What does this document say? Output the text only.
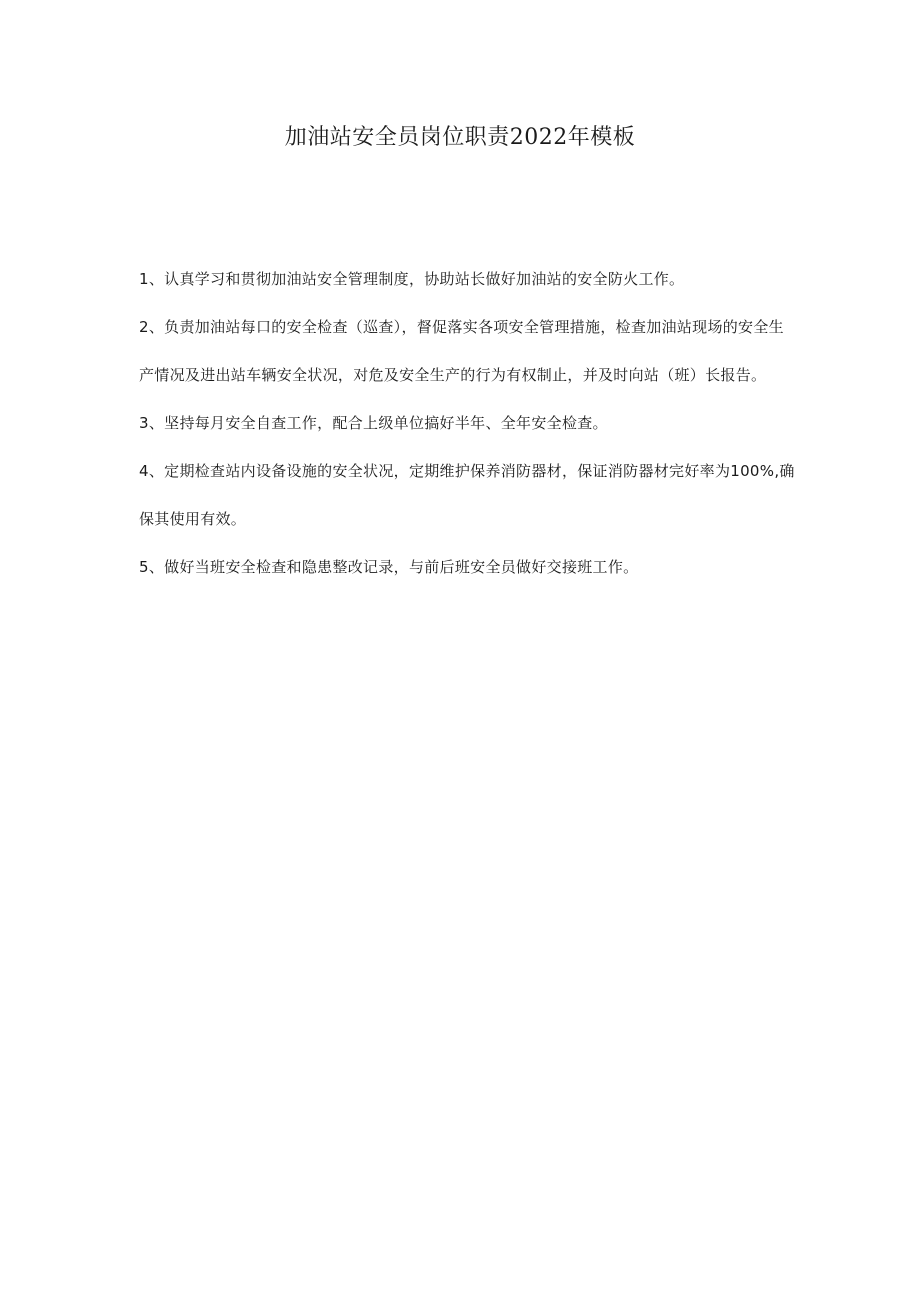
加油站安全员岗位职责2022年模板

1、认真学习和贯彻加油站安全管理制度，协助站长做好加油站的安全防火工作。

2、负责加油站每口的安全检查（巡查），督促落实各项安全管理措施，检查加油站现场的安全生产情况及进出站车辆安全状况，对危及安全生产的行为有权制止，并及时向站（班）长报告。

3、坚持每月安全自查工作，配合上级单位搞好半年、全年安全检查。

4、定期检查站内设备设施的安全状况，定期维护保养消防器材，保证消防器材完好率为100%,确保其使用有效。

5、做好当班安全检查和隐患整改记录，与前后班安全员做好交接班工作。
